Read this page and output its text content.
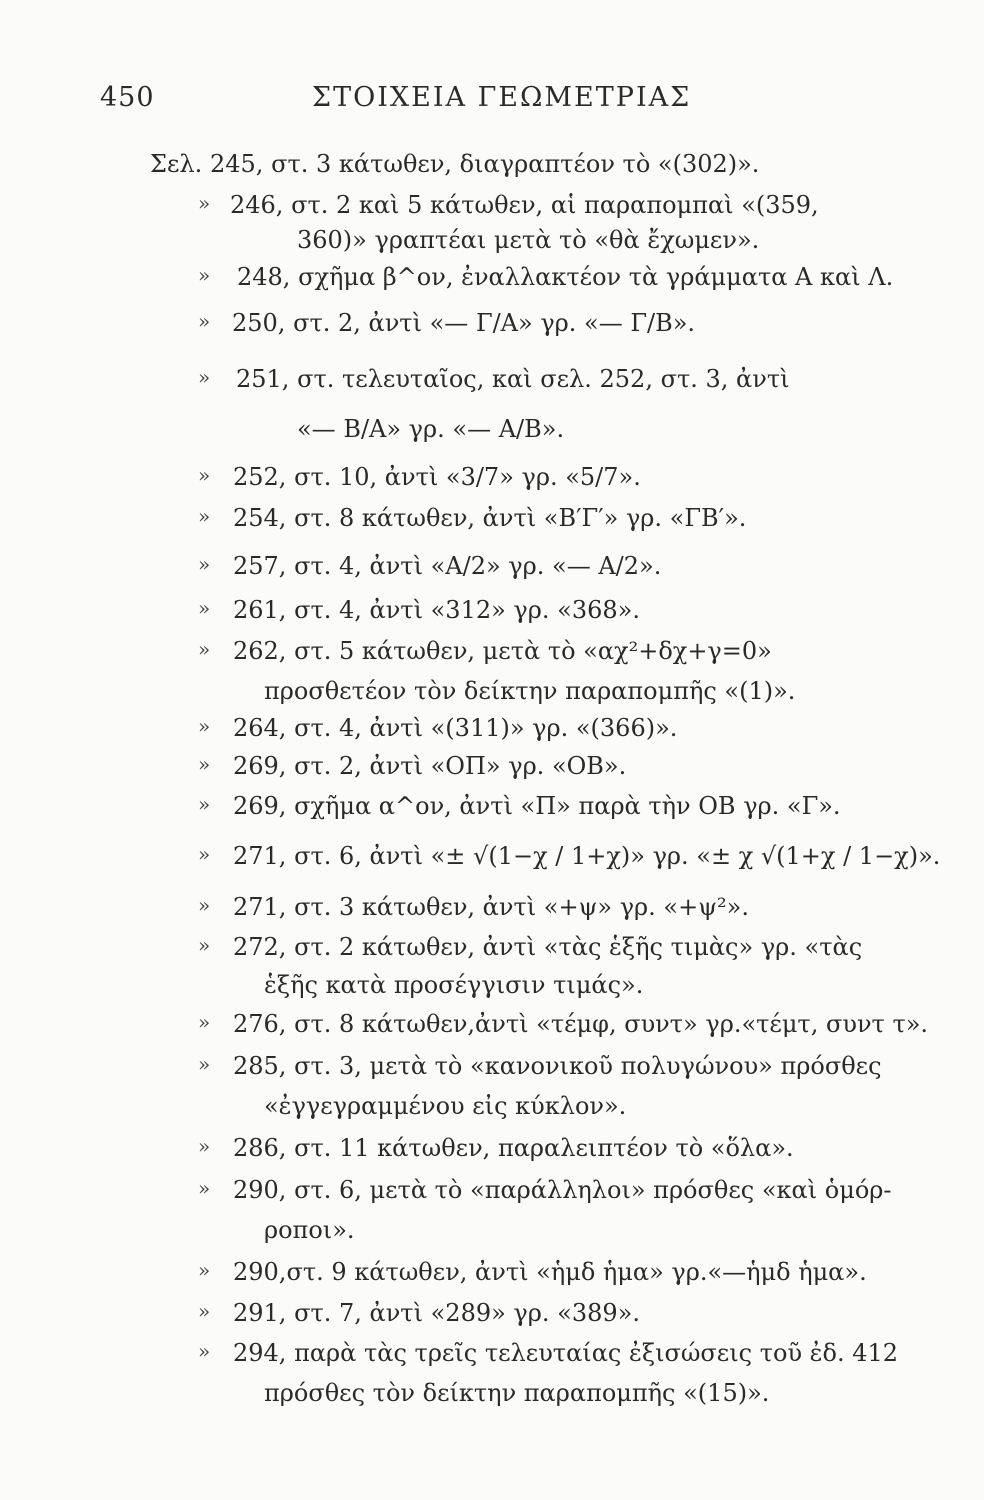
450	ΣΤΟΙΧΕΙΑ ΓΕΩΜΕΤΡΙΑΣ
Σελ. 245, στ. 3 κάτωθεν, διαγραπτέον τὸ «(302)».
» 246, στ. 2 καὶ 5 κάτωθεν, αἱ παραπομπαὶ «(359,
360)» γραπτέαι μετὰ τὸ «θὰ ἔχωμεν».
» 248, σχῆμα β^ον, ἐναλλακτέον τὰ γράμματα Α καὶ Λ.
» 250, στ. 2, ἀντὶ «— Γ/Α» γρ. «— Γ/Β».
» 251, στ. τελευταῖος, καὶ σελ. 252, στ. 3, ἀντὶ
«— Β/Α» γρ. «— Α/Β».
» 252, στ. 10, ἀντὶ «3/7» γρ. «5/7».
» 254, στ. 8 κάτωθεν, ἀντὶ «Β′Γ′» γρ. «ΓΒ′».
» 257, στ. 4, ἀντὶ «Α/2» γρ. «— Α/2».
» 261, στ. 4, ἀντὶ «312» γρ. «368».
» 262, στ. 5 κάτωθεν, μετὰ τὸ «αχ²+δχ+γ=0»
προσθετέον τὸν δείκτην παραπομπῆς «(1)».
» 264, στ. 4, ἀντὶ «(311)» γρ. «(366)».
» 269, στ. 2, ἀντὶ «ΟΠ» γρ. «ΟΒ».
» 269, σχῆμα α^ον, ἀντὶ «Π» παρὰ τὴν ΟΒ γρ. «Γ».
» 271, στ. 6, ἀντὶ «± √(1−χ / 1+χ)» γρ. «± χ √(1+χ / 1−χ)».
» 271, στ. 3 κάτωθεν, ἀντὶ «+ψ» γρ. «+ψ²».
» 272, στ. 2 κάτωθεν, ἀντὶ «τὰς ἑξῆς τιμὰς» γρ. «τὰς
ἑξῆς κατὰ προσέγγισιν τιμάς».
» 276, στ. 8 κάτωθεν,ἀντὶ «τέμφ, συντ» γρ.«τέμτ, συντ τ».
» 285, στ. 3, μετὰ τὸ «κανονικοῦ πολυγώνου» πρόσθες
«ἐγγεγραμμένου εἰς κύκλον».
» 286, στ. 11 κάτωθεν, παραλειπτέον τὸ «ὅλα».
» 290, στ. 6, μετὰ τὸ «παράλληλοι» πρόσθες «καὶ ὁμόρ-
ροποι».
» 290,στ. 9 κάτωθεν, ἀντὶ «ἡμδ ἡμα» γρ.«—ἡμδ ἡμα».
» 291, στ. 7, ἀντὶ «289» γρ. «389».
» 294, παρὰ τὰς τρεῖς τελευταίας ἐξισώσεις τοῦ ἐδ. 412
πρόσθες τὸν δείκτην παραπομπῆς «(15)».
